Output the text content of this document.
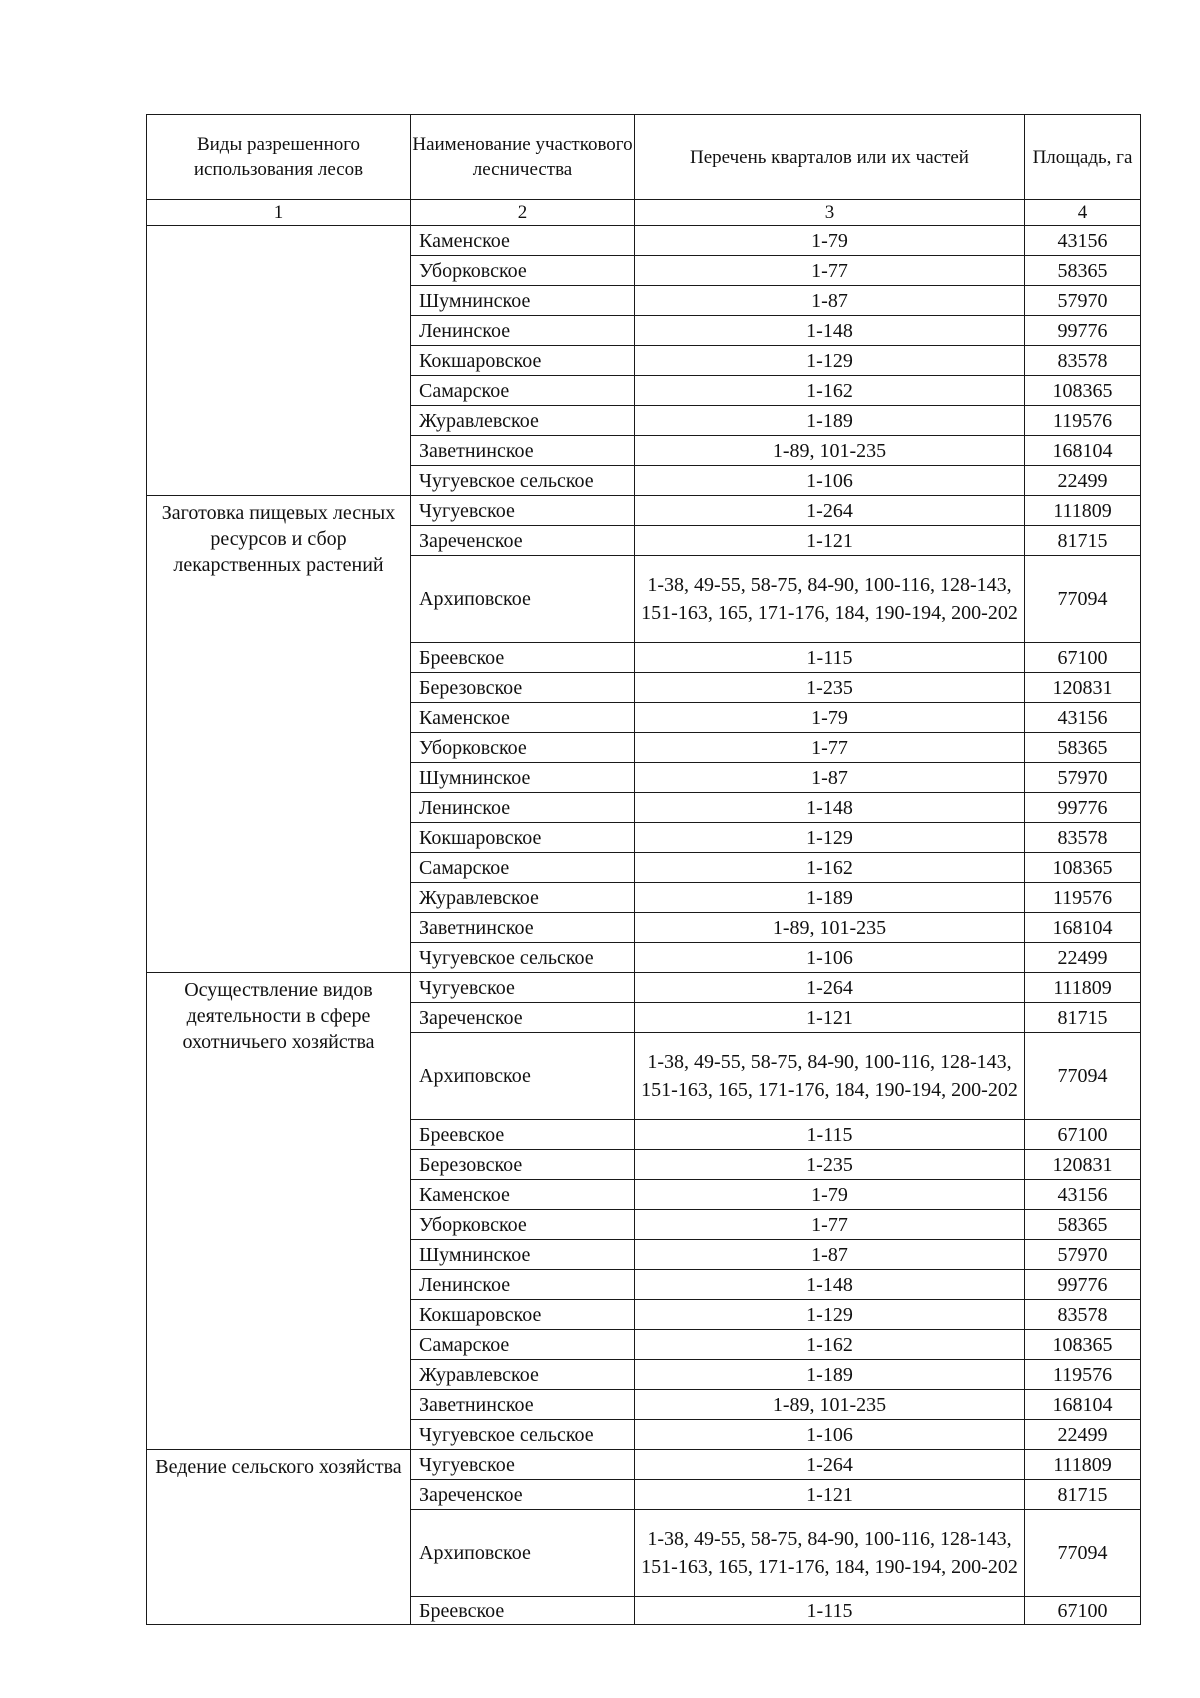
Виды разрешенного использования лесов	Наименование участкового лесничества	Перечень кварталов или их частей	Площадь, га
1	2	3	4
	Каменское	1-79	43156
	Уборковское	1-77	58365
	Шумнинское	1-87	57970
	Ленинское	1-148	99776
	Кокшаровское	1-129	83578
	Самарское	1-162	108365
	Журавлевское	1-189	119576
	Заветнинское	1-89, 101-235	168104
	Чугуевское сельское	1-106	22499
Заготовка пищевых лесных ресурсов и сбор лекарственных растений	Чугуевское	1-264	111809
	Зареченское	1-121	81715
	Архиповское	1-38, 49-55, 58-75, 84-90, 100-116, 128-143, 151-163, 165, 171-176, 184, 190-194, 200-202	77094
	Бреевское	1-115	67100
	Березовское	1-235	120831
	Каменское	1-79	43156
	Уборковское	1-77	58365
	Шумнинское	1-87	57970
	Ленинское	1-148	99776
	Кокшаровское	1-129	83578
	Самарское	1-162	108365
	Журавлевское	1-189	119576
	Заветнинское	1-89, 101-235	168104
	Чугуевское сельское	1-106	22499
Осуществление видов деятельности в сфере охотничьего хозяйства	Чугуевское	1-264	111809
	Зареченское	1-121	81715
	Архиповское	1-38, 49-55, 58-75, 84-90, 100-116, 128-143, 151-163, 165, 171-176, 184, 190-194, 200-202	77094
	Бреевское	1-115	67100
	Березовское	1-235	120831
	Каменское	1-79	43156
	Уборковское	1-77	58365
	Шумнинское	1-87	57970
	Ленинское	1-148	99776
	Кокшаровское	1-129	83578
	Самарское	1-162	108365
	Журавлевское	1-189	119576
	Заветнинское	1-89, 101-235	168104
	Чугуевское сельское	1-106	22499
Ведение сельского хозяйства	Чугуевское	1-264	111809
	Зареченское	1-121	81715
	Архиповское	1-38, 49-55, 58-75, 84-90, 100-116, 128-143, 151-163, 165, 171-176, 184, 190-194, 200-202	77094
	Бреевское	1-115	67100
